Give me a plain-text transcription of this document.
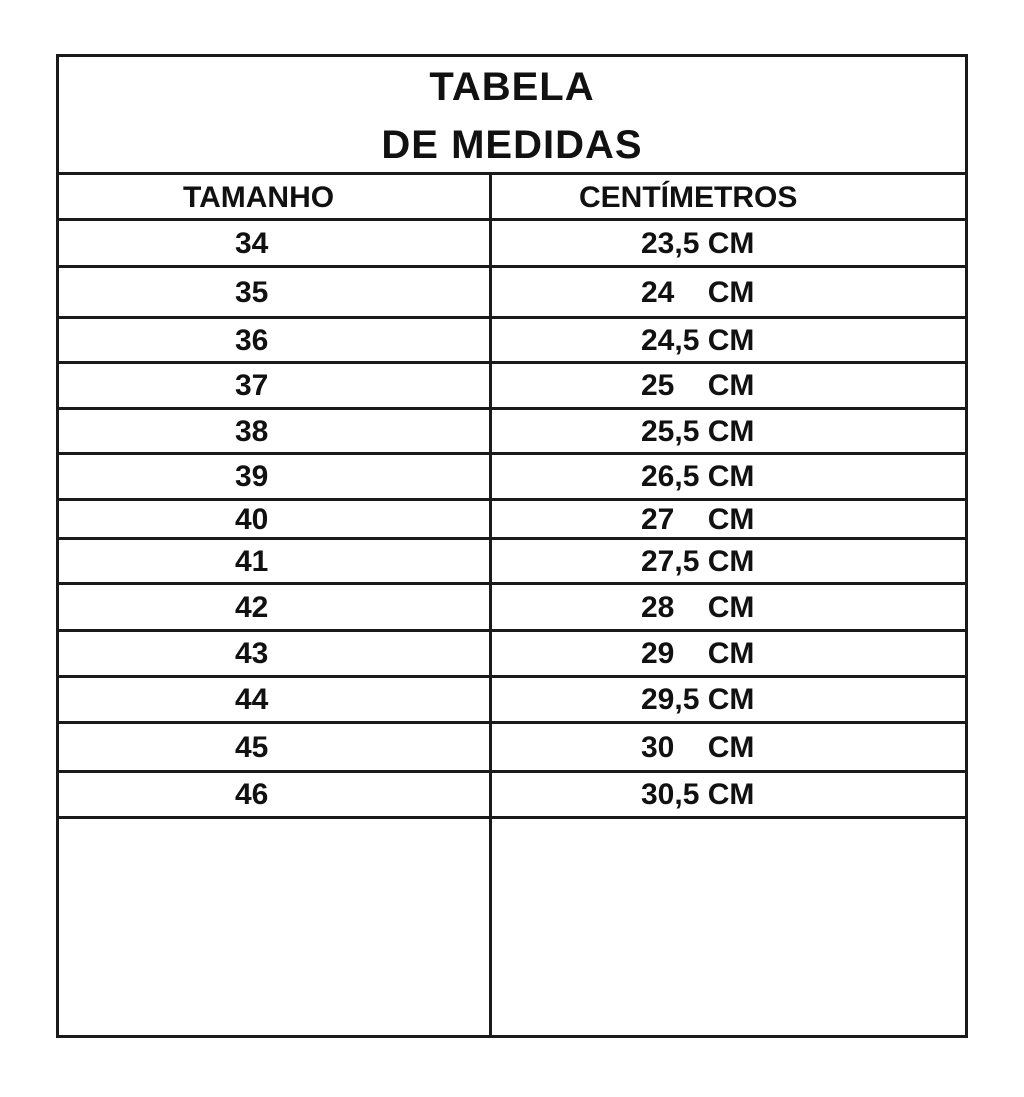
TABELA
DE MEDIDAS
TAMANHO	CENTÍMETROS
34	23,5 CM
35	24    CM
36	24,5 CM
37	25    CM
38	25,5 CM
39	26,5 CM
40	27    CM
41	27,5 CM
42	28    CM
43	29    CM
44	29,5 CM
45	30    CM
46	30,5 CM
